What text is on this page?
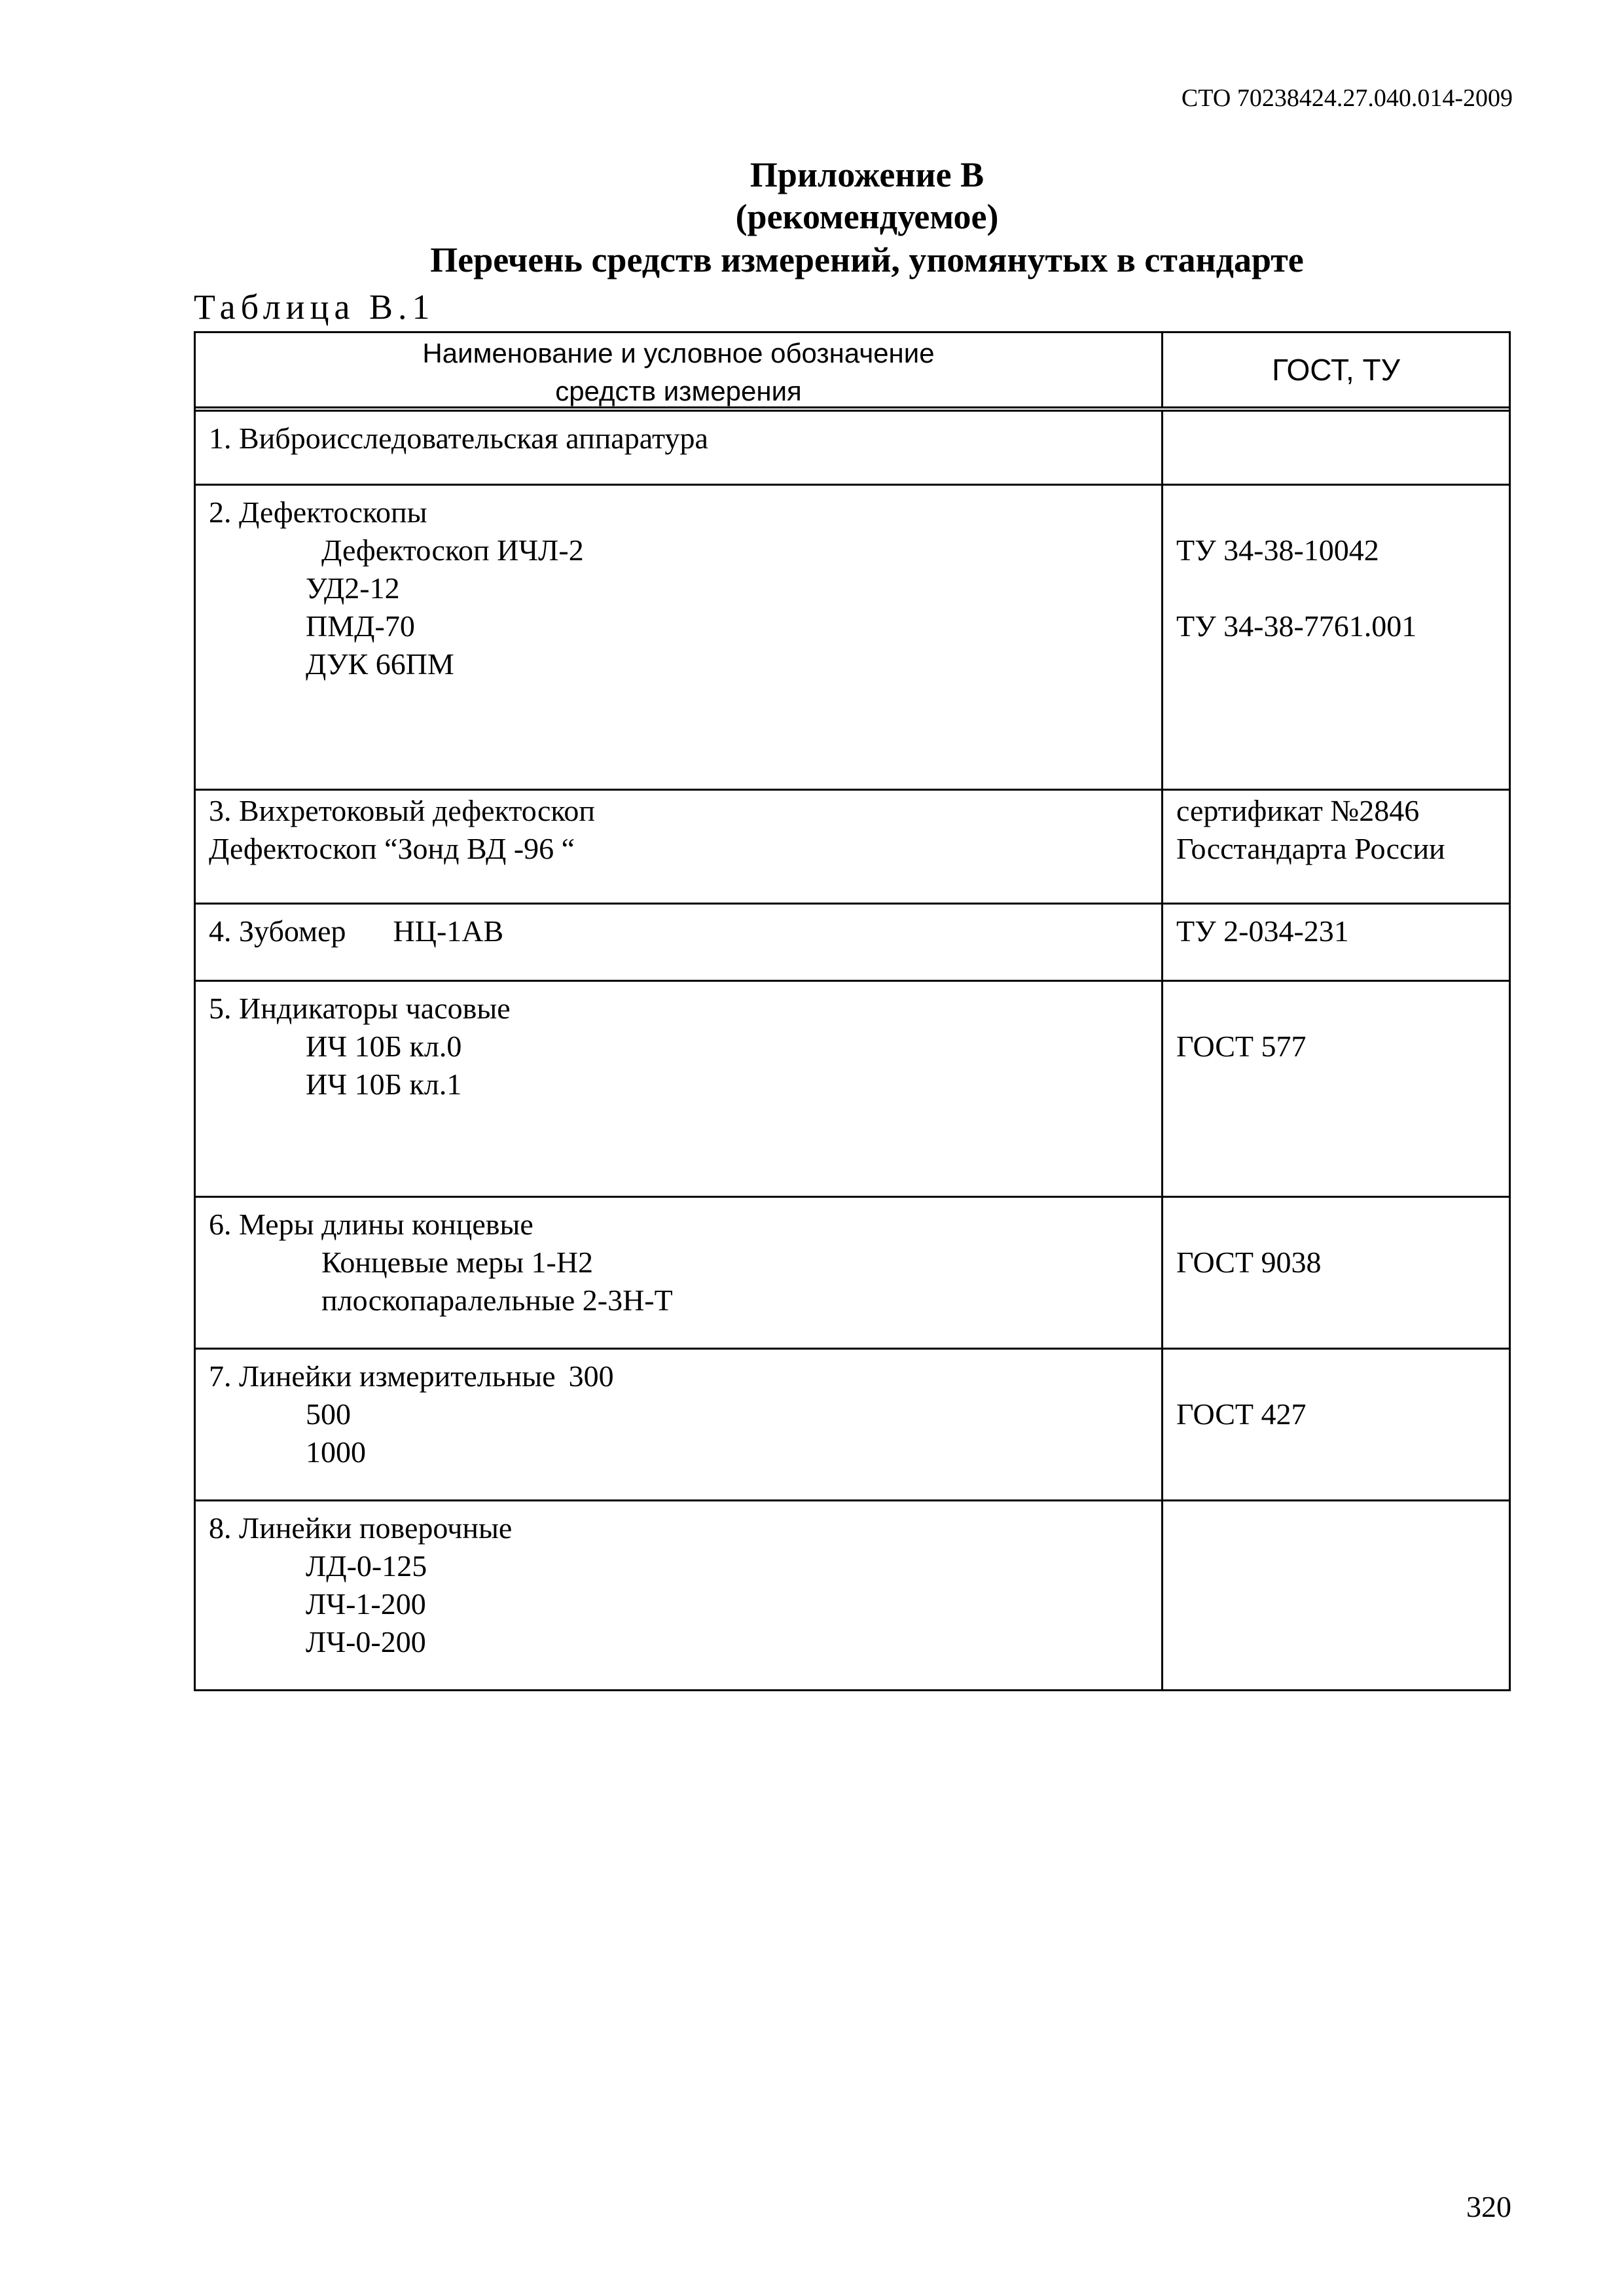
СТО 70238424.27.040.014-2009
Приложение В
(рекомендуемое)
Перечень средств измерений, упомянутых в стандарте
Таблица В.1
Наименование и условное обозначение
средств измерения
ГОСТ, ТУ
1. Виброисследовательская аппаратура
2. Дефектоскопы
Дефектоскоп ИЧЛ-2
УД2-12
ПМД-70
ДУК 66ПМ
ТУ 34-38-10042
ТУ 34-38-7761.001
3. Вихретоковый дефектоскоп
Дефектоскоп “Зонд ВД -96 “
сертификат №2846
Госстандарта России
4. Зубомер НЦ-1АВ	ТУ 2-034-231
5. Индикаторы часовые
ИЧ 10Б кл.0
ИЧ 10Б кл.1
ГОСТ 577
6. Меры длины концевые
Концевые меры 1-Н2
плоскопаралельные 2-3Н-Т
ГОСТ 9038
7. Линейки измерительные 300
500
1000
ГОСТ 427
8. Линейки поверочные
ЛД-0-125
ЛЧ-1-200
ЛЧ-0-200
320
